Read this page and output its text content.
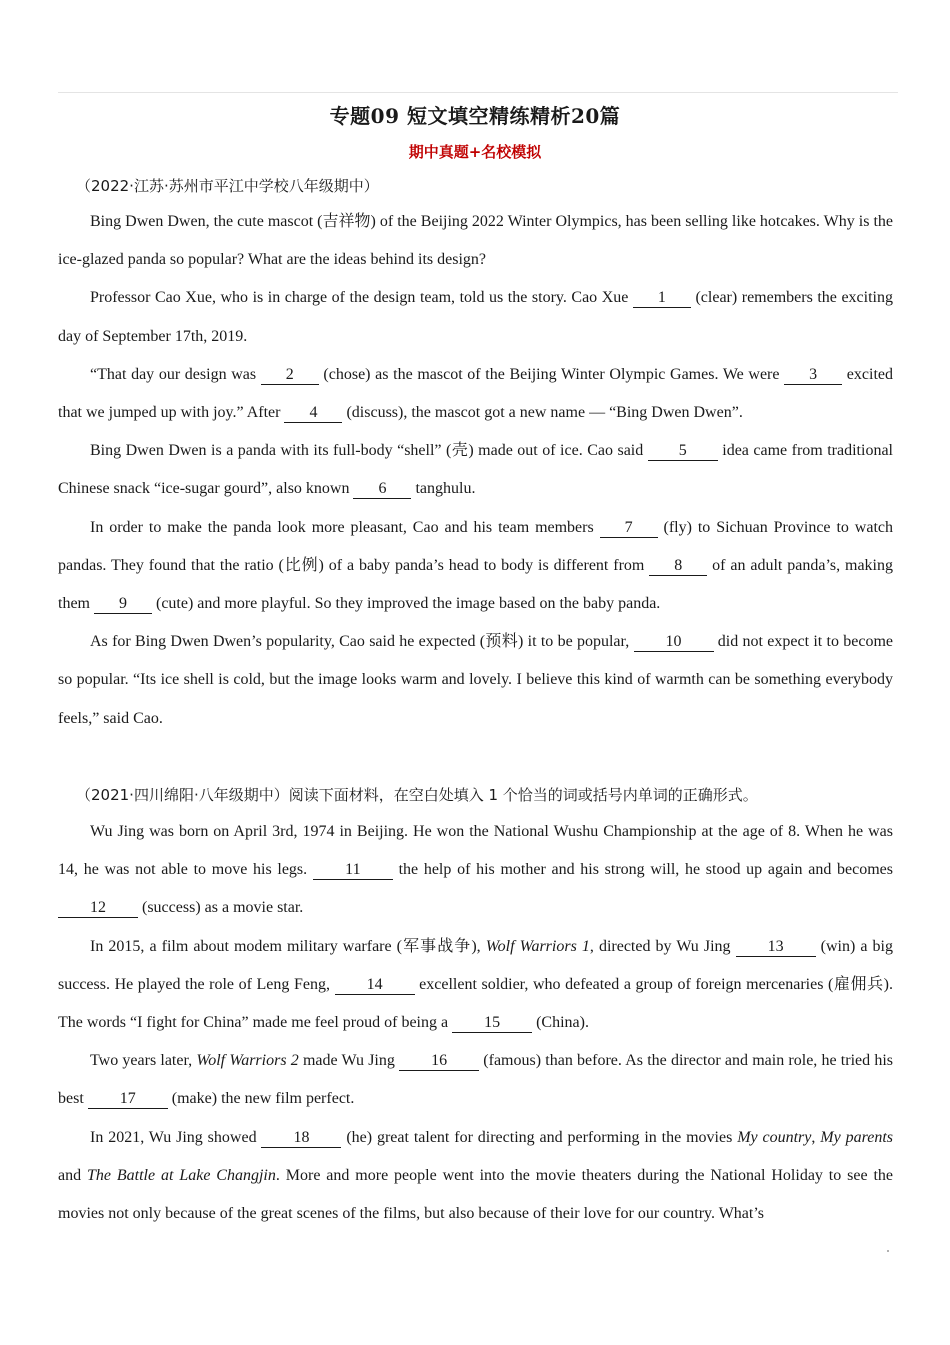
专题09 短文填空精练精析20篇
期中真题+名校模拟
（2022·江苏·苏州市平江中学校八年级期中）

Bing Dwen Dwen, the cute mascot (吉祥物) of the Beijing 2022 Winter Olympics, has been selling like hotcakes. Why is the ice-glazed panda so popular? What are the ideas behind its design?

Professor Cao Xue, who is in charge of the design team, told us the story. Cao Xue 1 (clear) remembers the exciting day of September 17th, 2019.

“That day our design was 2 (chose) as the mascot of the Beijing Winter Olympic Games. We were 3 excited that we jumped up with joy.” After 4 (discuss), the mascot got a new name — “Bing Dwen Dwen”.

Bing Dwen Dwen is a panda with its full-body “shell” (壳) made out of ice. Cao said 5 idea came from traditional Chinese snack “ice-sugar gourd”, also known 6 tanghulu.

In order to make the panda look more pleasant, Cao and his team members 7 (fly) to Sichuan Province to watch pandas. They found that the ratio (比例) of a baby panda’s head to body is different from 8 of an adult panda’s, making them 9 (cute) and more playful. So they improved the image based on the baby panda.

As for Bing Dwen Dwen’s popularity, Cao said he expected (预料) it to be popular, 10 did not expect it to become so popular. “Its ice shell is cold, but the image looks warm and lovely. I believe this kind of warmth can be something everybody feels,” said Cao.

（2021·四川绵阳·八年级期中）阅读下面材料，在空白处填入 1 个恰当的词或括号内单词的正确形式。

Wu Jing was born on April 3rd, 1974 in Beijing. He won the National Wushu Championship at the age of 8. When he was 14, he was not able to move his legs. 11 the help of his mother and his strong will, he stood up again and becomes 12 (success) as a movie star.

In 2015, a film about modem military warfare (军事战争), Wolf Warriors 1, directed by Wu Jing 13 (win) a big success. He played the role of Leng Feng, 14 excellent soldier, who defeated a group of foreign mercenaries (雇佣兵). The words “I fight for China” made me feel proud of being a 15 (China).

Two years later, Wolf Warriors 2 made Wu Jing 16 (famous) than before. As the director and main role, he tried his best 17 (make) the new film perfect.

In 2021, Wu Jing showed 18 (he) great talent for directing and performing in the movies My country, My parents and The Battle at Lake Changjin. More and more people went into the movie theaters during the National Holiday to see the movies not only because of the great scenes of the films, but also because of their love for our country. What’s
